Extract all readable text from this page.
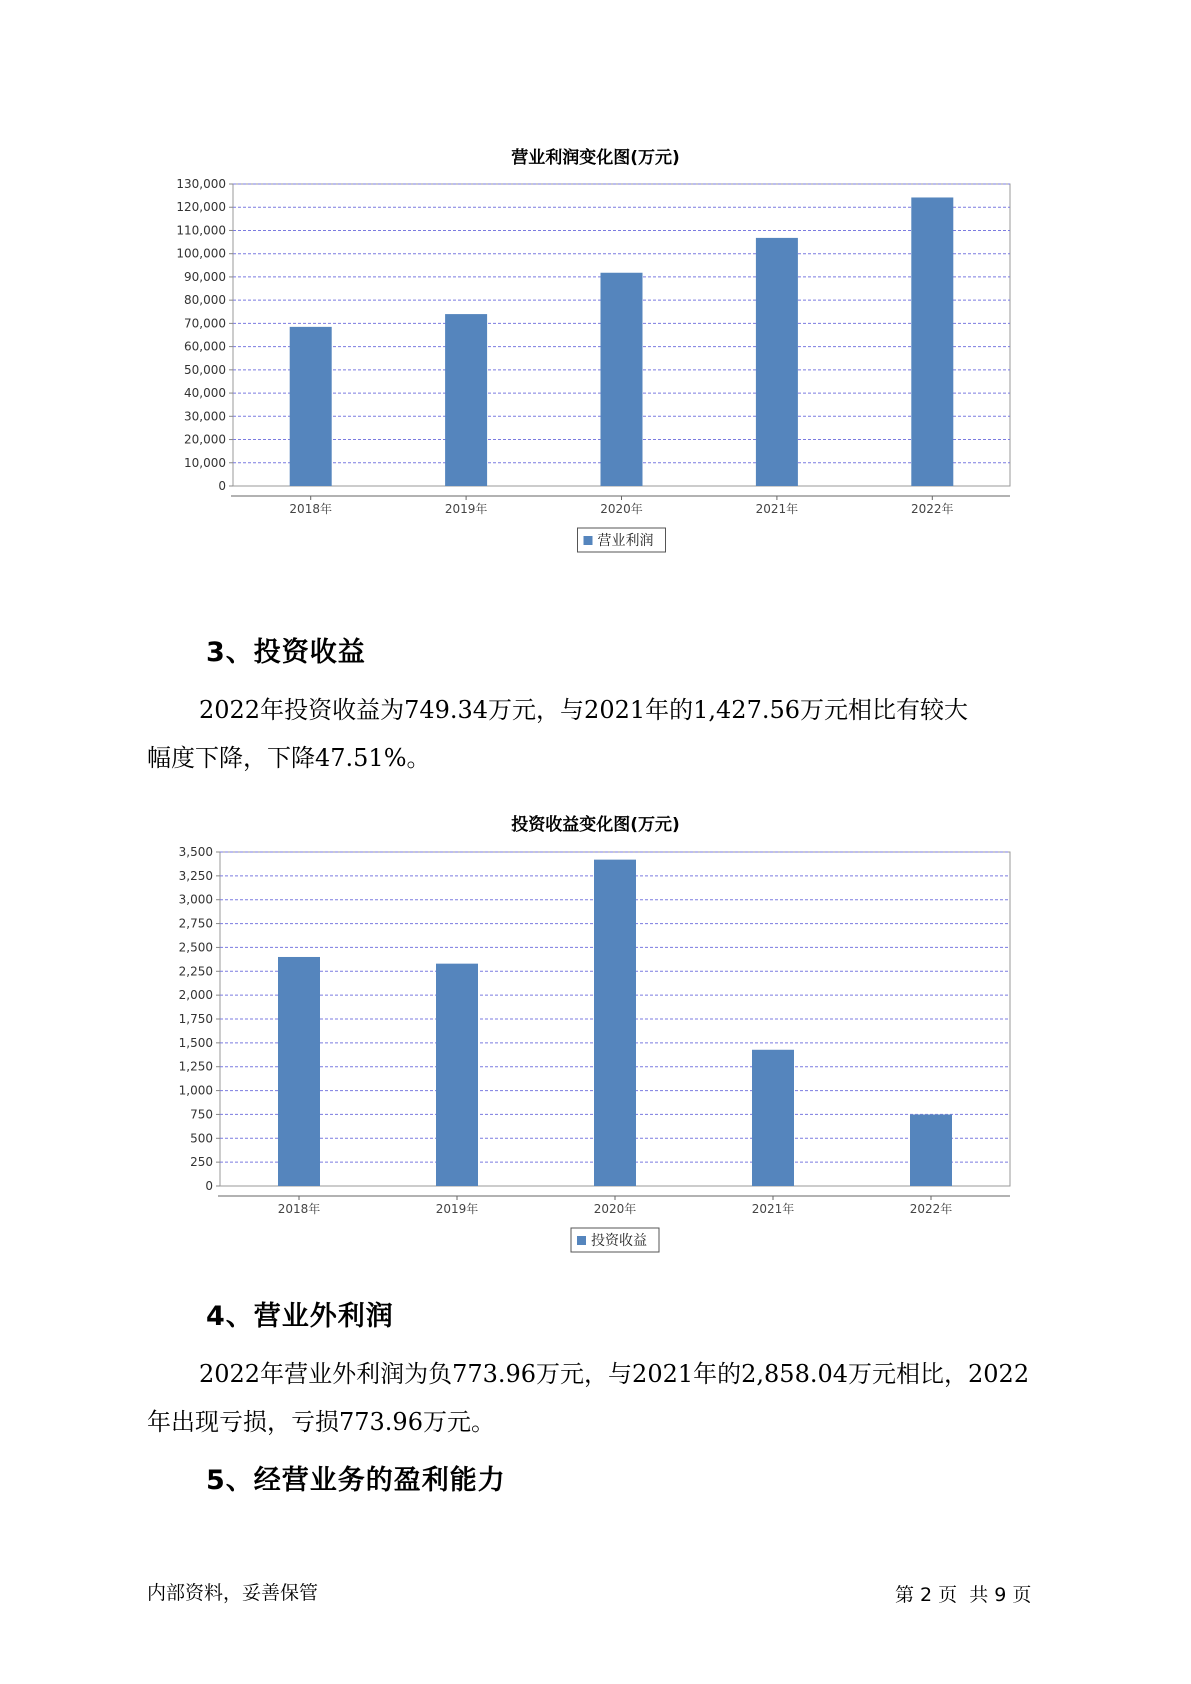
营业利润变化图(万元)
0
10,000
20,000
30,000
40,000
50,000
60,000
70,000
80,000
90,000
100,000
110,000
120,000
130,000
2018年	2019年	2020年	2021年	2022年
营业利润
3、投资收益

2022年投资收益为749.34万元，与2021年的1,427.56万元相比有较大
幅度下降，下降47.51%。

投资收益变化图(万元)
0
250
500
750
1,000
1,250
1,500
1,750
2,000
2,250
2,500
2,750
3,000
3,250
3,500
2018年	2019年	2020年	2021年	2022年
投资收益
4、营业外利润

2022年营业外利润为负773.96万元，与2021年的2,858.04万元相比，2022
年出现亏损，亏损773.96万元。

5、经营业务的盈利能力
内部资料，妥善保管	第 2 页  共 9 页
